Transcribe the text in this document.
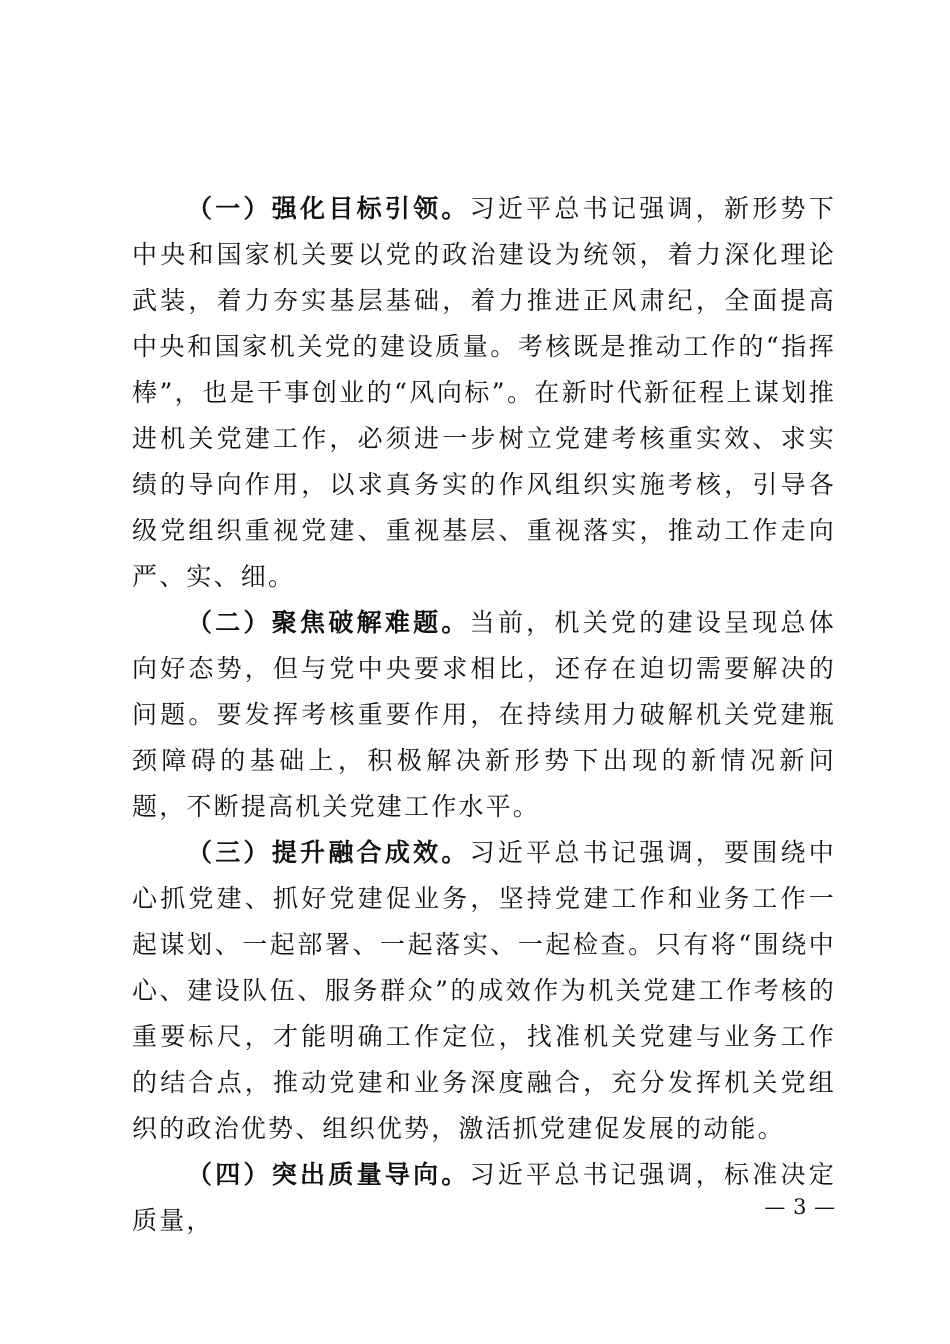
（一）强化目标引领。习近平总书记强调，新形势下中央和国家机关要以党的政治建设为统领，着力深化理论武装，着力夯实基层基础，着力推进正风肃纪，全面提高中央和国家机关党的建设质量。考核既是推动工作的“指挥棒”，也是干事创业的“风向标”。在新时代新征程上谋划推进机关党建工作，必须进一步树立党建考核重实效、求实绩的导向作用，以求真务实的作风组织实施考核，引导各级党组织重视党建、重视基层、重视落实，推动工作走向严、实、细。

（二）聚焦破解难题。当前，机关党的建设呈现总体向好态势，但与党中央要求相比，还存在迫切需要解决的问题。要发挥考核重要作用，在持续用力破解机关党建瓶颈障碍的基础上，积极解决新形势下出现的新情况新问题，不断提高机关党建工作水平。

（三）提升融合成效。习近平总书记强调，要围绕中心抓党建、抓好党建促业务，坚持党建工作和业务工作一起谋划、一起部署、一起落实、一起检查。只有将“围绕中心、建设队伍、服务群众”的成效作为机关党建工作考核的重要标尺，才能明确工作定位，找准机关党建与业务工作的结合点，推动党建和业务深度融合，充分发挥机关党组织的政治优势、组织优势，激活抓党建促发展的动能。

（四）突出质量导向。习近平总书记强调，标准决定质量，	— 3 —
